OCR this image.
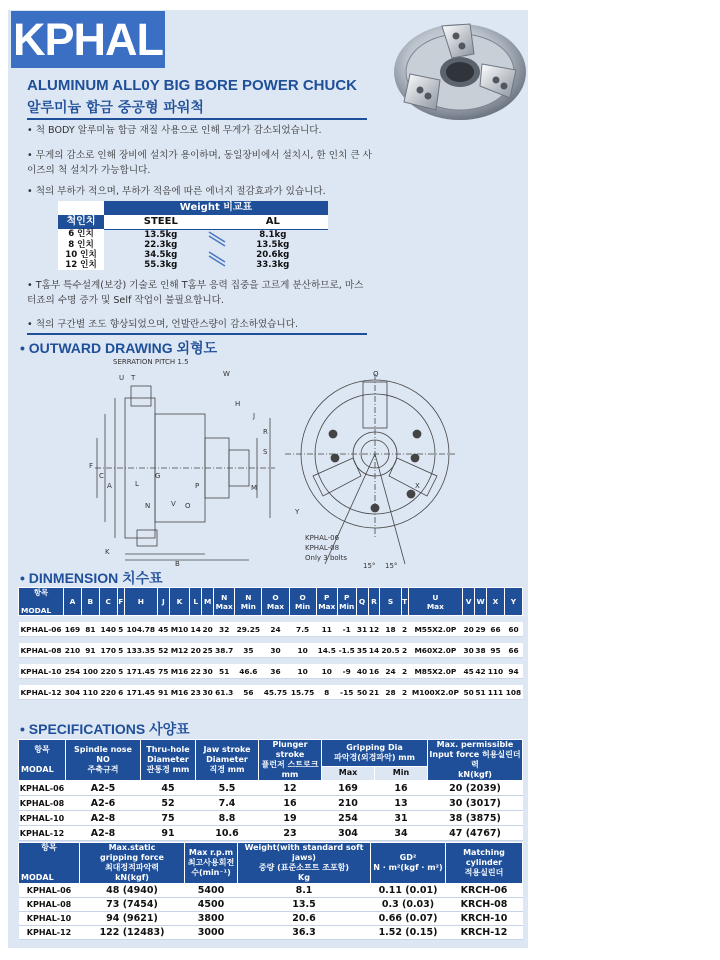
KPHAL
ALUMINUM ALL0Y BIG BORE POWER CHUCK
알루미늄 합금 중공형 파워척
• 척 BODY 알루미늄 합금 재질 사용으로 인해 무게가 감소되었습니다.
• 무게의 감소로 인해 장비에 설치가 용이하며, 동일장비에서 설치시, 한 인치 큰 사이즈의 척 설치가 가능합니다.
• 척의 부하가 적으며, 부하가 적음에 따른 에너지 절감효과가 있습니다.
	Weight 비교표	
척인치	STEEL	AL
6 인치	13.5kg	8.1kg
8 인치	22.3kg	13.5kg
10 인치	34.5kg	20.6kg
12 인치	55.3kg	33.3kg
• T홈부 특수설계(보강) 기술로 인해 T홈부 응력 집중을 고르게 분산하므로, 마스터죠의 수명 증가 및 Self 작업이 불필요합니다.
• 척의 구간별 조도 향상되었으며, 언발란스량이 감소하였습니다.
• OUTWARD DRAWING 외형도
SERRATION PITCH 1.5
U T	W
H
J
R
S
F
C
B
A
K
L
V
M
N	O
P
G
Q
X
Y
KPHAL-06
KPHAL-08
Only 3 bolts
15° 15°
• DINMENSION 치수표
항목

MODAL	A	B	C	F	H	J	K	L	M	N
Max	N
Min	O
Max	O
Min	P
Max	P
Min	Q	R	S	T	U
Max	V	W	X	Y

KPHAL-06	169	81	140	5	104.78	45	M10	14	20	32	29.25	24	7.5	11	-1	31	12	18	2	M55X2.0P	20	29	66	60

KPHAL-08	210	91	170	5	133.35	52	M12	20	25	38.7	35	30	10	14.5	-1.5	35	14	20.5	2	M60X2.0P	30	38	95	66

KPHAL-10	254	100	220	5	171.45	75	M16	22	30	51	46.6	36	10	10	-9	40	16	24	2	M85X2.0P	45	42	110	94

KPHAL-12	304	110	220	6	171.45	91	M16	23	30	61.3	56	45.75	15.75	8	-15	50	21	28	2	M100X2.0P	50	51	111	108

• SPECIFICATIONS 사양표
항목

MODAL	Spindle nose NO
주축규격	Thru-hole
Diameter
관통경 mm	Jaw stroke
Diameter
직경 mm	Plunger stroke
플런저 스트로크
mm	Gripping Dia
파악경(외경파악) mm		Max. permissible
Input force 허용실린더력
kN(kgf)
					Max	Min	
KPHAL-06	A2-5	45	5.5	12	169	16	20 (2039)
KPHAL-08	A2-6	52	7.4	16	210	13	30 (3017)
KPHAL-10	A2-8	75	8.8	19	254	31	38 (3875)
KPHAL-12	A2-8	91	10.6	23	304	34	47 (4767)
항목

MODAL	Max.static
gripping force
최대정적파악력
kN(kgf)	Max r.p.m
최고사용회전
수(min⁻¹)	Weight(with standard soft jaws)
중량 (표준소프트 조포함)
Kg	GD²
N · m²(kgf · m²)	Matching
cylinder
적용실린더
KPHAL-06	48 (4940)	5400	8.1	0.11 (0.01)	KRCH-06
KPHAL-08	73 (7454)	4500	13.5	0.3 (0.03)	KRCH-08
KPHAL-10	94 (9621)	3800	20.6	0.66 (0.07)	KRCH-10
KPHAL-12	122 (12483)	3000	36.3	1.52 (0.15)	KRCH-12
